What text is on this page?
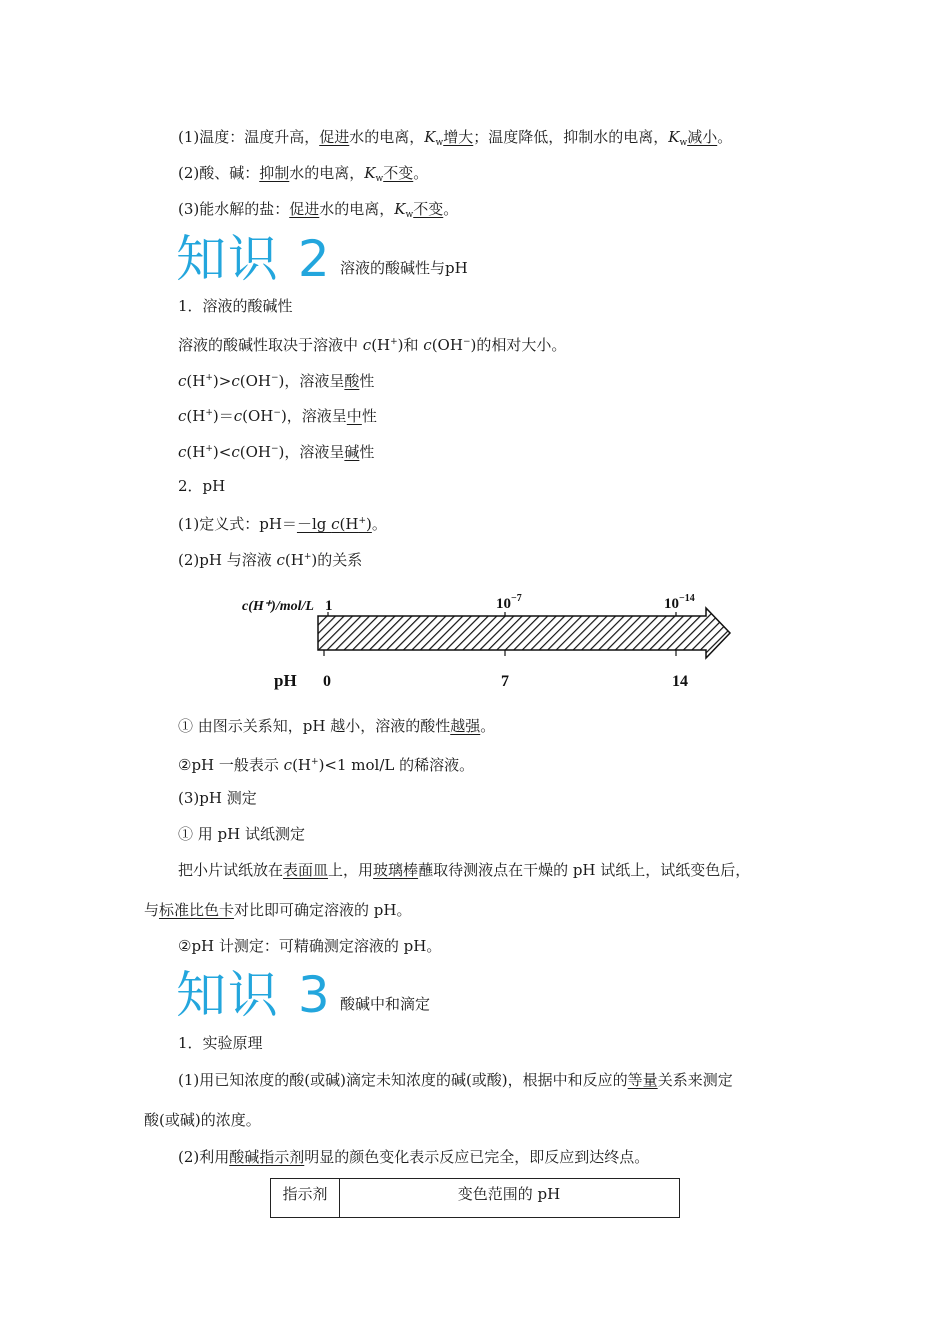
(1)温度：温度升高，促进水的电离，$K_w$增大；温度降低，抑制水的电离，$K_w$减小。
(2)酸、碱：抑制水的电离，$K_w$不变。
(3)能水解的盐：促进水的电离，$K_w$不变。
知识 2 溶液的酸碱性与pH
1．溶液的酸碱性
溶液的酸碱性取决于溶液中 c(H+)和 c(OH−)的相对大小。
c(H+)>c(OH−)，溶液呈酸性
c(H+)＝c(OH−)，溶液呈中性
c(H+)<c(OH−)，溶液呈碱性
2．pH
(1)定义式：pH＝－lg c(H+)。
(2)pH 与溶液 c(H+)的关系
c(H⁺)/mol/L 1	$10^{-7}$	$10^{-14}$
pH 0	7	14
① 由图示关系知，pH 越小，溶液的酸性越强。
②pH 一般表示 c(H+)<1 mol/L 的稀溶液。
(3)pH 测定
① 用 pH 试纸测定
把小片试纸放在表面皿上，用玻璃棒蘸取待测液点在干燥的 pH 试纸上，试纸变色后，
与标准比色卡对比即可确定溶液的 pH。
②pH 计测定：可精确测定溶液的 pH。
知识 3 酸碱中和滴定
1．实验原理
(1)用已知浓度的酸(或碱)滴定未知浓度的碱(或酸)，根据中和反应的等量关系来测定
酸(或碱)的浓度。
(2)利用酸碱指示剂明显的颜色变化表示反应已完全，即反应到达终点。
指示剂	变色范围的 pH
